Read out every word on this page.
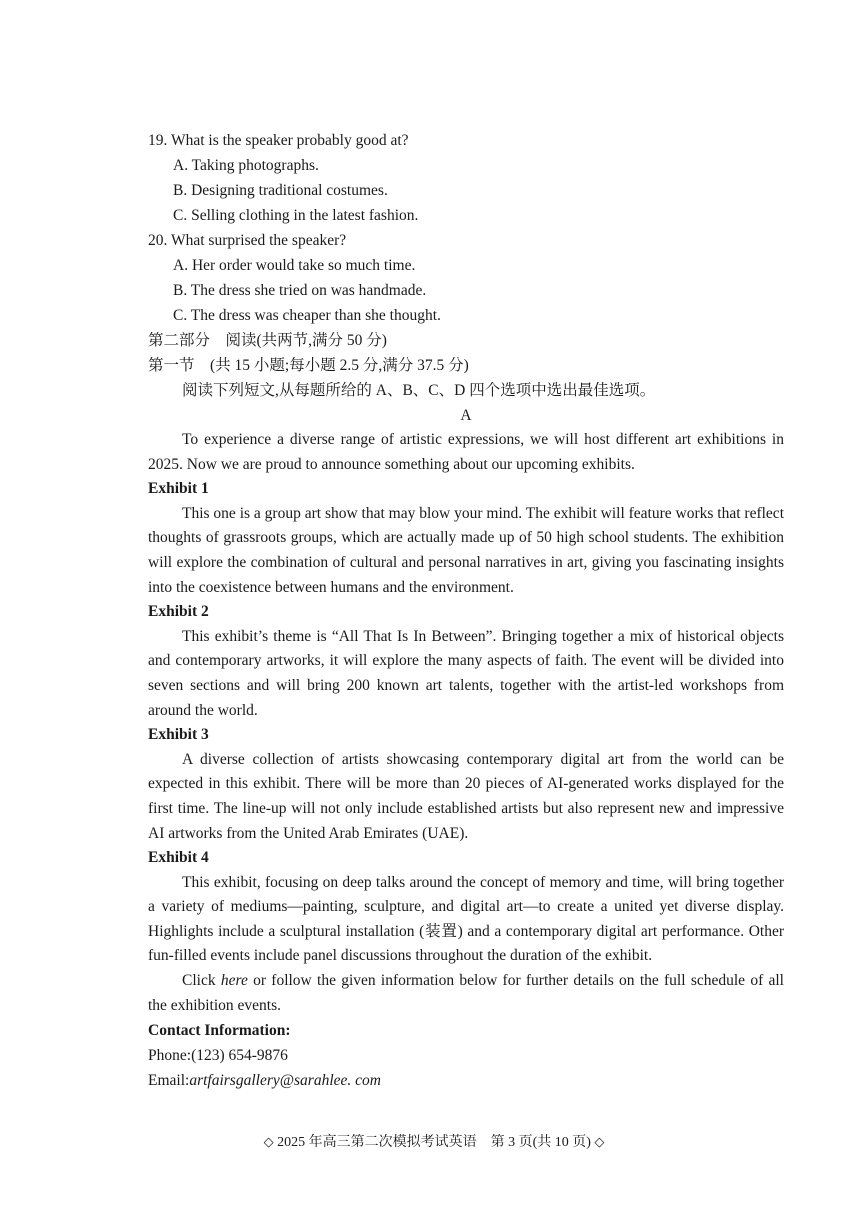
19. What is the speaker probably good at?
A. Taking photographs.
B. Designing traditional costumes.
C. Selling clothing in the latest fashion.
20. What surprised the speaker?
A. Her order would take so much time.
B. The dress she tried on was handmade.
C. The dress was cheaper than she thought.
第二部分　阅读(共两节,满分 50 分)
第一节　(共 15 小题;每小题 2.5 分,满分 37.5 分)
阅读下列短文,从每题所给的 A、B、C、D 四个选项中选出最佳选项。
A

To experience a diverse range of artistic expressions, we will host different art exhibitions in 2025. Now we are proud to announce something about our upcoming exhibits.

Exhibit 1

This one is a group art show that may blow your mind. The exhibit will feature works that reflect thoughts of grassroots groups, which are actually made up of 50 high school students. The exhibition will explore the combination of cultural and personal narratives in art, giving you fascinating insights into the coexistence between humans and the environment.

Exhibit 2

This exhibit’s theme is “All That Is In Between”. Bringing together a mix of historical objects and contemporary artworks, it will explore the many aspects of faith. The event will be divided into seven sections and will bring 200 known art talents, together with the artist-led workshops from around the world.

Exhibit 3

A diverse collection of artists showcasing contemporary digital art from the world can be expected in this exhibit. There will be more than 20 pieces of AI-generated works displayed for the first time. The line-up will not only include established artists but also represent new and impressive AI artworks from the United Arab Emirates (UAE).

Exhibit 4

This exhibit, focusing on deep talks around the concept of memory and time, will bring together a variety of mediums—painting, sculpture, and digital art—to create a united yet diverse display. Highlights include a sculptural installation (装置) and a contemporary digital art performance. Other fun-filled events include panel discussions throughout the duration of the exhibit.

Click here or follow the given information below for further details on the full schedule of all the exhibition events.

Contact Information:
Phone:(123) 654-9876
Email:artfairsgallery@sarahlee. com
◇ 2025 年高三第二次模拟考试英语　第 3 页(共 10 页) ◇
